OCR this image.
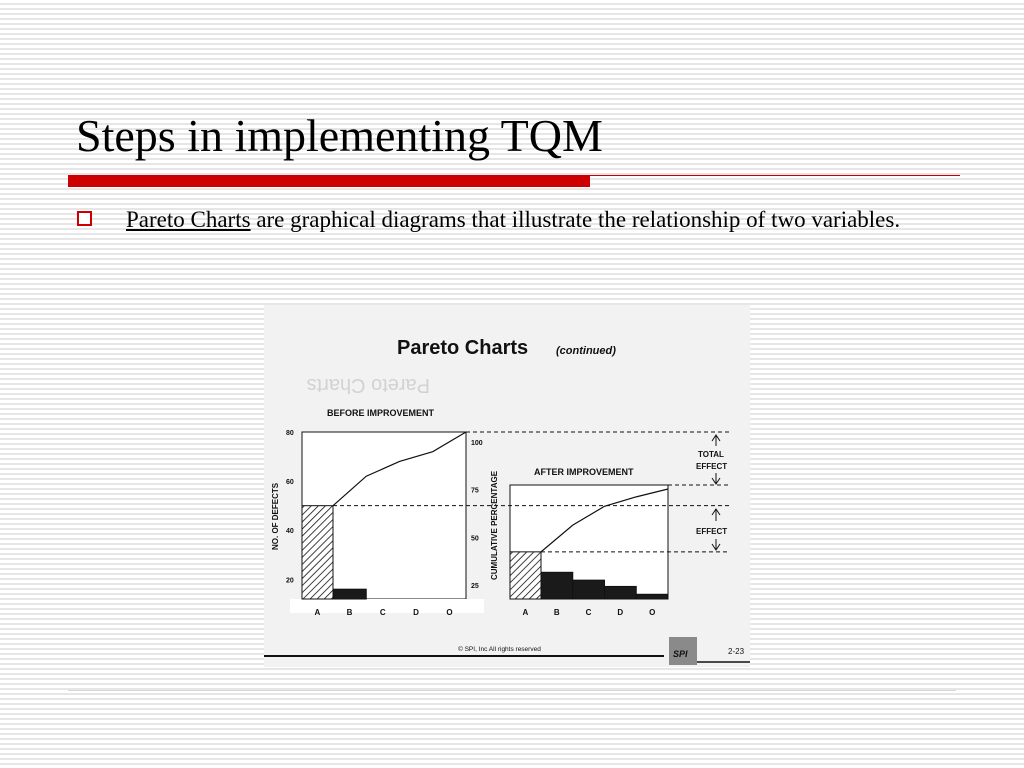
Steps in implementing TQM
Pareto Charts are graphical diagrams that illustrate the relationship of two variables.
Pareto Charts
Pareto Charts	(continued)
BEFORE IMPROVEMENT
AFTER IMPROVEMENT
NO. OF DEFECTS	CUMULATIVE PERCENTAGE
TOTAL
EFFECT
EFFECT
© SPI, Inc All rights reserved	SPI	2-23
20
40
60
80
25
50
75
100
A	B	C	D	O	A	B	C	D	O
